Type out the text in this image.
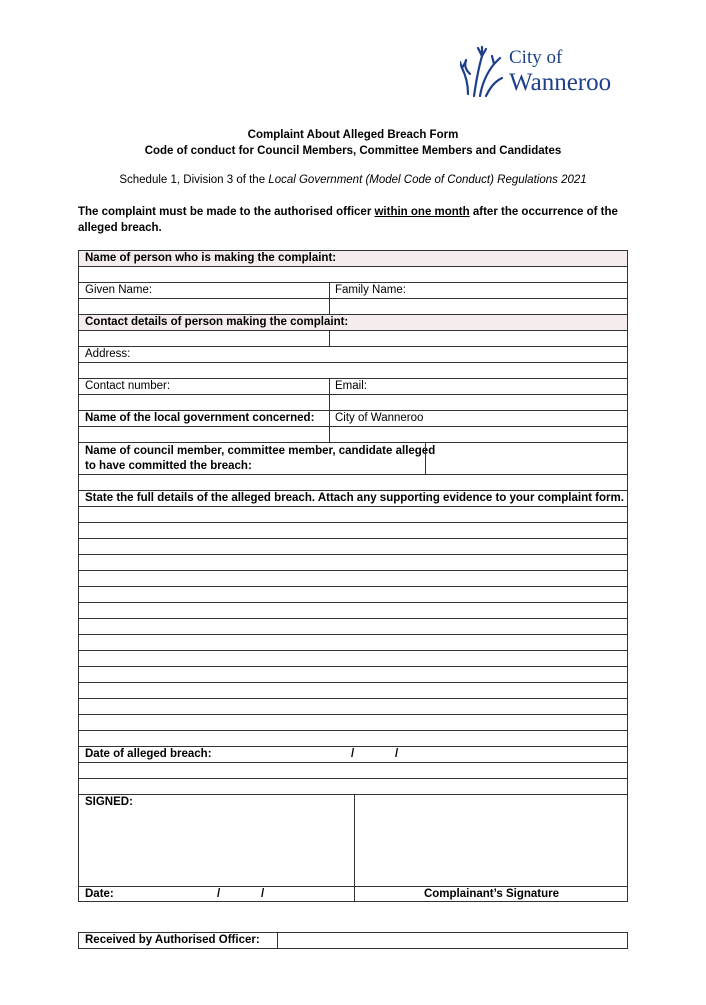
City of
Wanneroo
Complaint About Alleged Breach Form
Code of conduct for Council Members, Committee Members and Candidates
Schedule 1, Division 3 of the Local Government (Model Code of Conduct) Regulations 2021
The complaint must be made to the authorised officer within one month after the occurrence of the alleged breach.
Name of person who is making the complaint:
Given Name:	Family Name:
Contact details of person making the complaint:
Address:
Contact number:	Email:
Name of the local government concerned:	City of Wanneroo
Name of council member, committee member, candidate alleged
to have committed the breach:
State the full details of the alleged breach. Attach any supporting evidence to your complaint form.
Date of alleged breach:	/	/
SIGNED:
Date:	/	/	Complainant’s Signature
Received by Authorised Officer:
